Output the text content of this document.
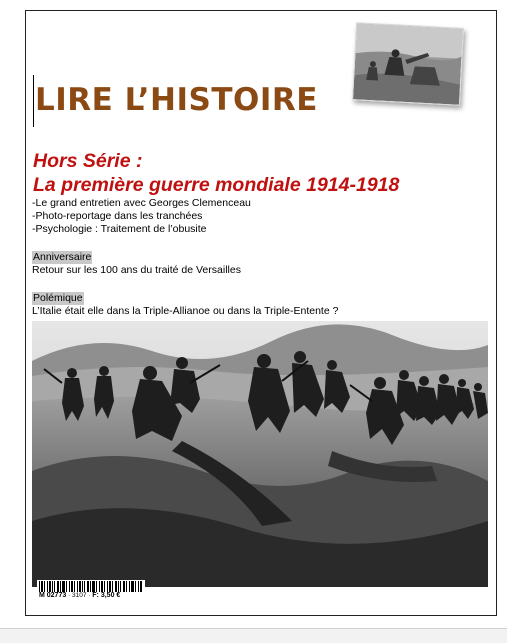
LIRE L’HISTOIRE
Hors Série :
La première guerre mondiale 1914-1918
-Le grand entretien avec Georges Clemenceau
-Photo-reportage dans les tranchées
-Psychologie : Traitement de l’obusite
Anniversaire
Retour sur les 100 ans du traité de Versailles
Polémique
L’Italie était elle dans la Triple-Allianoe ou dans la Triple-Entente ?
M 02773 · 3107 · F: 3,50 €
